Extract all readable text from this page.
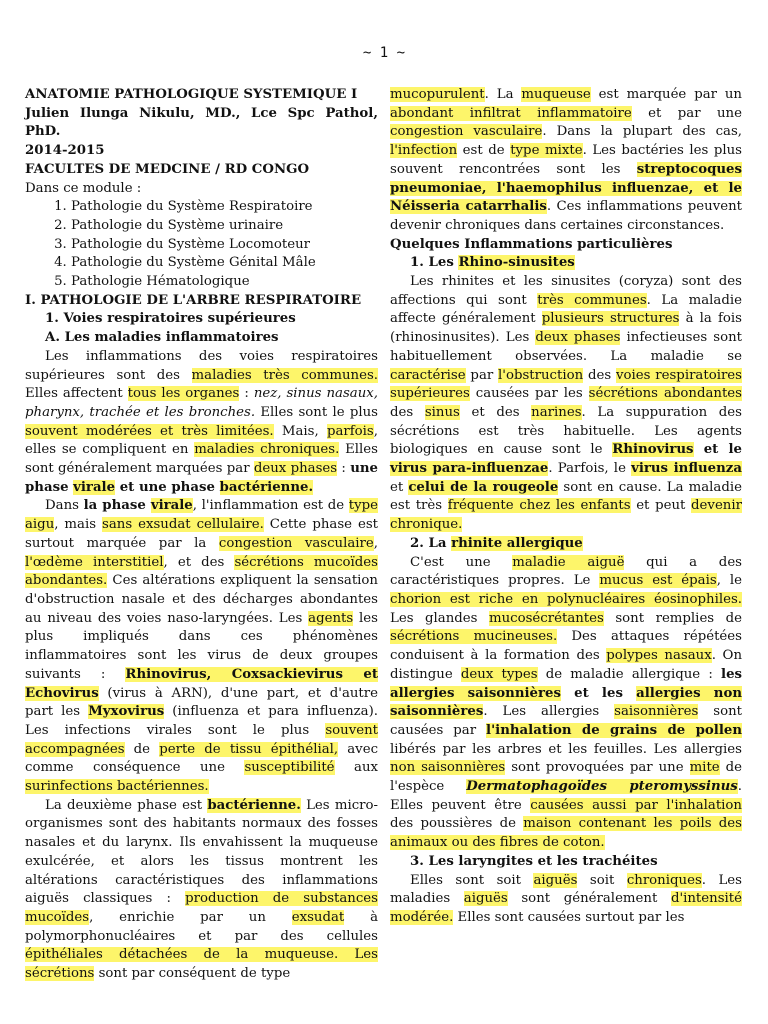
~ 1 ~
ANATOMIE PATHOLOGIQUE SYSTEMIQUE I
Julien Ilunga Nikulu, MD., Lce Spc Pathol, PhD.
2014-2015
FACULTES DE MEDCINE / RD CONGO
Dans ce module :
1. Pathologie du Système Respiratoire
2. Pathologie du Système urinaire
3. Pathologie du Système Locomoteur
4. Pathologie du Système Génital Mâle
5. Pathologie Hématologique
I. PATHOLOGIE DE L'ARBRE RESPIRATOIRE
1. Voies respiratoires supérieures
A. Les maladies inflammatoires

Les inflammations des voies respiratoires supérieures sont des maladies très communes. Elles affectent tous les organes : nez, sinus nasaux, pharynx, trachée et les bronches. Elles sont le plus souvent modérées et très limitées. Mais, parfois, elles se compliquent en maladies chroniques. Elles sont généralement marquées par deux phases : une phase virale et une phase bactérienne.

Dans la phase virale, l'inflammation est de type aigu, mais sans exsudat cellulaire. Cette phase est surtout marquée par la congestion vasculaire, l'œdème interstitiel, et des sécrétions mucoïdes abondantes. Ces altérations expliquent la sensation d'obstruction nasale et des décharges abondantes au niveau des voies naso-laryngées. Les agents les plus impliqués dans ces phénomènes inflammatoires sont les virus de deux groupes suivants : Rhinovirus, Coxsackievirus et Echovirus (virus à ARN), d'une part, et d'autre part les Myxovirus (influenza et para influenza). Les infections virales sont le plus souvent accompagnées de perte de tissu épithélial, avec comme conséquence une susceptibilité aux surinfections bactériennes.

La deuxième phase est bactérienne. Les micro-organismes sont des habitants normaux des fosses nasales et du larynx. Ils envahissent la muqueuse exulcérée, et alors les tissus montrent les altérations caractéristiques des inflammations aiguës classiques : production de substances mucoïdes, enrichie par un exsudat à polymorphonucléaires et par des cellules épithéliales détachées de la muqueuse. Les sécrétions sont par conséquent de type

mucopurulent. La muqueuse est marquée par un abondant infiltrat inflammatoire et par une congestion vasculaire. Dans la plupart des cas, l'infection est de type mixte. Les bactéries les plus souvent rencontrées sont les streptocoques pneumoniae, l'haemophilus influenzae, et le Néisseria catarrhalis. Ces inflammations peuvent devenir chroniques dans certaines circonstances.

Quelques Inflammations particulières
1. Les Rhino-sinusites

Les rhinites et les sinusites (coryza) sont des affections qui sont très communes. La maladie affecte généralement plusieurs structures à la fois (rhinosinusites). Les deux phases infectieuses sont habituellement observées. La maladie se caractérise par l'obstruction des voies respiratoires supérieures causées par les sécrétions abondantes des sinus et des narines. La suppuration des sécrétions est très habituelle. Les agents biologiques en cause sont le Rhinovirus et le virus para-influenzae. Parfois, le virus influenza et celui de la rougeole sont en cause. La maladie est très fréquente chez les enfants et peut devenir chronique.

2. La rhinite allergique

C'est une maladie aiguë qui a des caractéristiques propres. Le mucus est épais, le chorion est riche en polynucléaires éosinophiles. Les glandes mucosécrétantes sont remplies de sécrétions mucineuses. Des attaques répétées conduisent à la formation des polypes nasaux. On distingue deux types de maladie allergique : les allergies saisonnières et les allergies non saisonnières. Les allergies saisonnières sont causées par l'inhalation de grains de pollen libérés par les arbres et les feuilles. Les allergies non saisonnières sont provoquées par une mite de l'espèce Dermatophagoïdes pteromyssinus. Elles peuvent être causées aussi par l'inhalation des poussières de maison contenant les poils des animaux ou des fibres de coton.

3. Les laryngites et les trachéites

Elles sont soit aiguës soit chroniques. Les maladies aiguës sont généralement d'intensité modérée. Elles sont causées surtout par les
